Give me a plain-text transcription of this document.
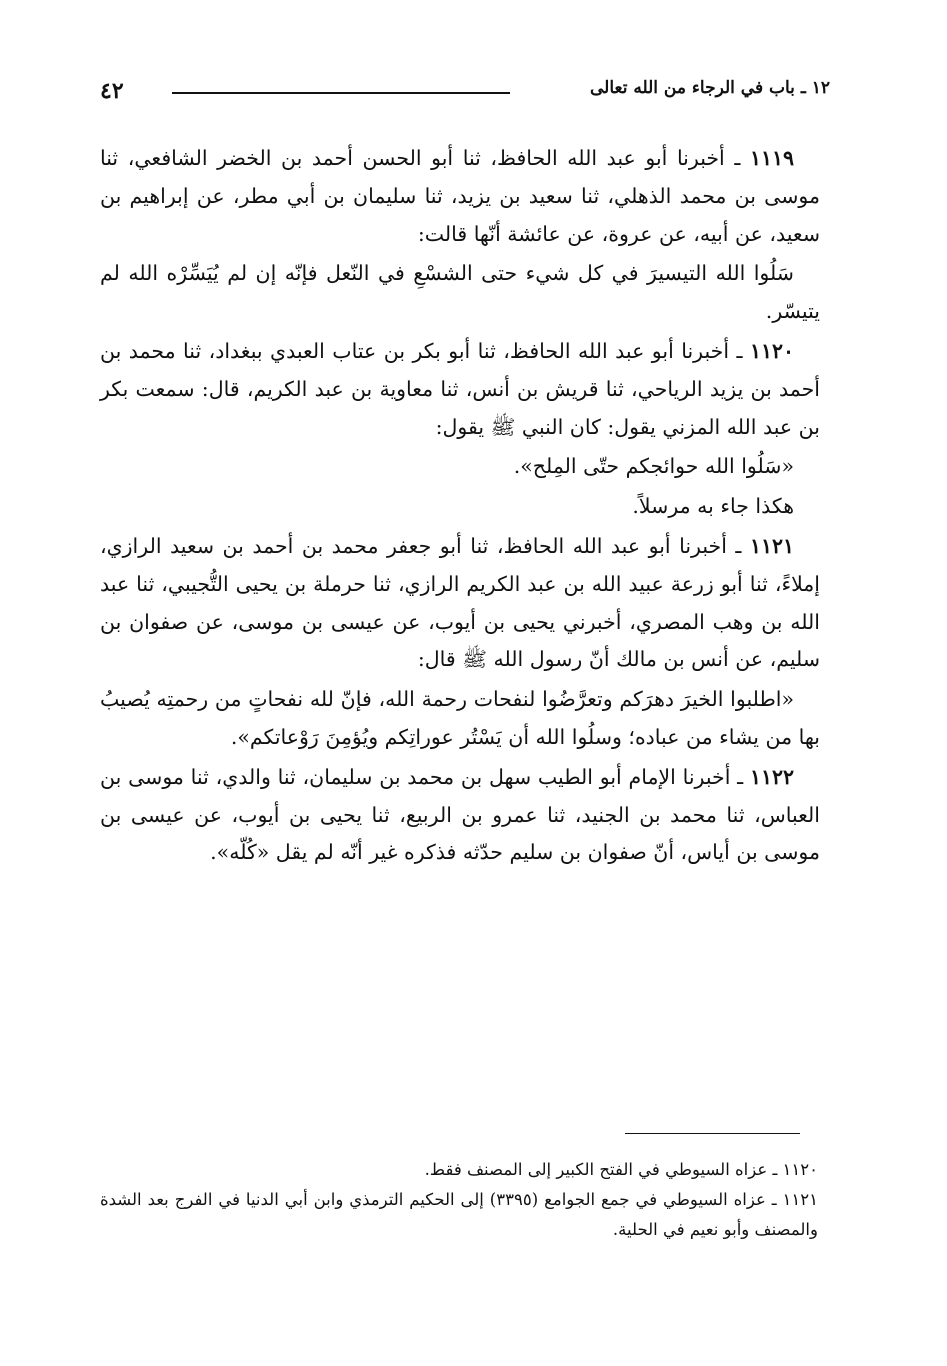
١٢ ـ باب في الرجاء من الله تعالى
٤٢

١١١٩ ـ أخبرنا أبو عبد الله الحافظ، ثنا أبو الحسن أحمد بن الخضر الشافعي، ثنا موسى بن محمد الذهلي، ثنا سعيد بن يزيد، ثنا سليمان بن أبي مطر، عن إبراهيم بن سعيد، عن أبيه، عن عروة، عن عائشة أنّها قالت:

سَلُوا الله التيسيرَ في كل شيء حتى الشسْعِ في النّعل فإنّه إن لم يُيَسِّرْه الله لم يتيسّر.

١١٢٠ ـ أخبرنا أبو عبد الله الحافظ، ثنا أبو بكر بن عتاب العبدي ببغداد، ثنا محمد بن أحمد بن يزيد الرياحي، ثنا قريش بن أنس، ثنا معاوية بن عبد الكريم، قال: سمعت بكر بن عبد الله المزني يقول: كان النبي ﷺ يقول:

«سَلُوا الله حوائجكم حتّى المِلح».

هكذا جاء به مرسلاً.

١١٢١ ـ أخبرنا أبو عبد الله الحافظ، ثنا أبو جعفر محمد بن أحمد بن سعيد الرازي، إملاءً، ثنا أبو زرعة عبيد الله بن عبد الكريم الرازي، ثنا حرملة بن يحيى التُّجيبي، ثنا عبد الله بن وهب المصري، أخبرني يحيى بن أيوب، عن عيسى بن موسى، عن صفوان بن سليم، عن أنس بن مالك أنّ رسول الله ﷺ قال:

«اطلبوا الخيرَ دهرَكم وتعرَّضُوا لنفحات رحمة الله، فإنّ لله نفحاتٍ من رحمتِه يُصيبُ بها من يشاء من عباده؛ وسلُوا الله أن يَسْتُر عوراتِكم ويُؤمِنَ رَوْعاتكم».

١١٢٢ ـ أخبرنا الإمام أبو الطيب سهل بن محمد بن سليمان، ثنا والدي، ثنا موسى بن العباس، ثنا محمد بن الجنيد، ثنا عمرو بن الربيع، ثنا يحيى بن أيوب، عن عيسى بن موسى بن أياس، أنّ صفوان بن سليم حدّثه فذكره غير أنّه لم يقل «كُلّه».

١١٢٠ ـ عزاه السيوطي في الفتح الكبير إلى المصنف فقط.

١١٢١ ـ عزاه السيوطي في جمع الجوامع (٣٣٩٥) إلى الحكيم الترمذي وابن أبي الدنيا في الفرج بعد الشدة والمصنف وأبو نعيم في الحلية.
